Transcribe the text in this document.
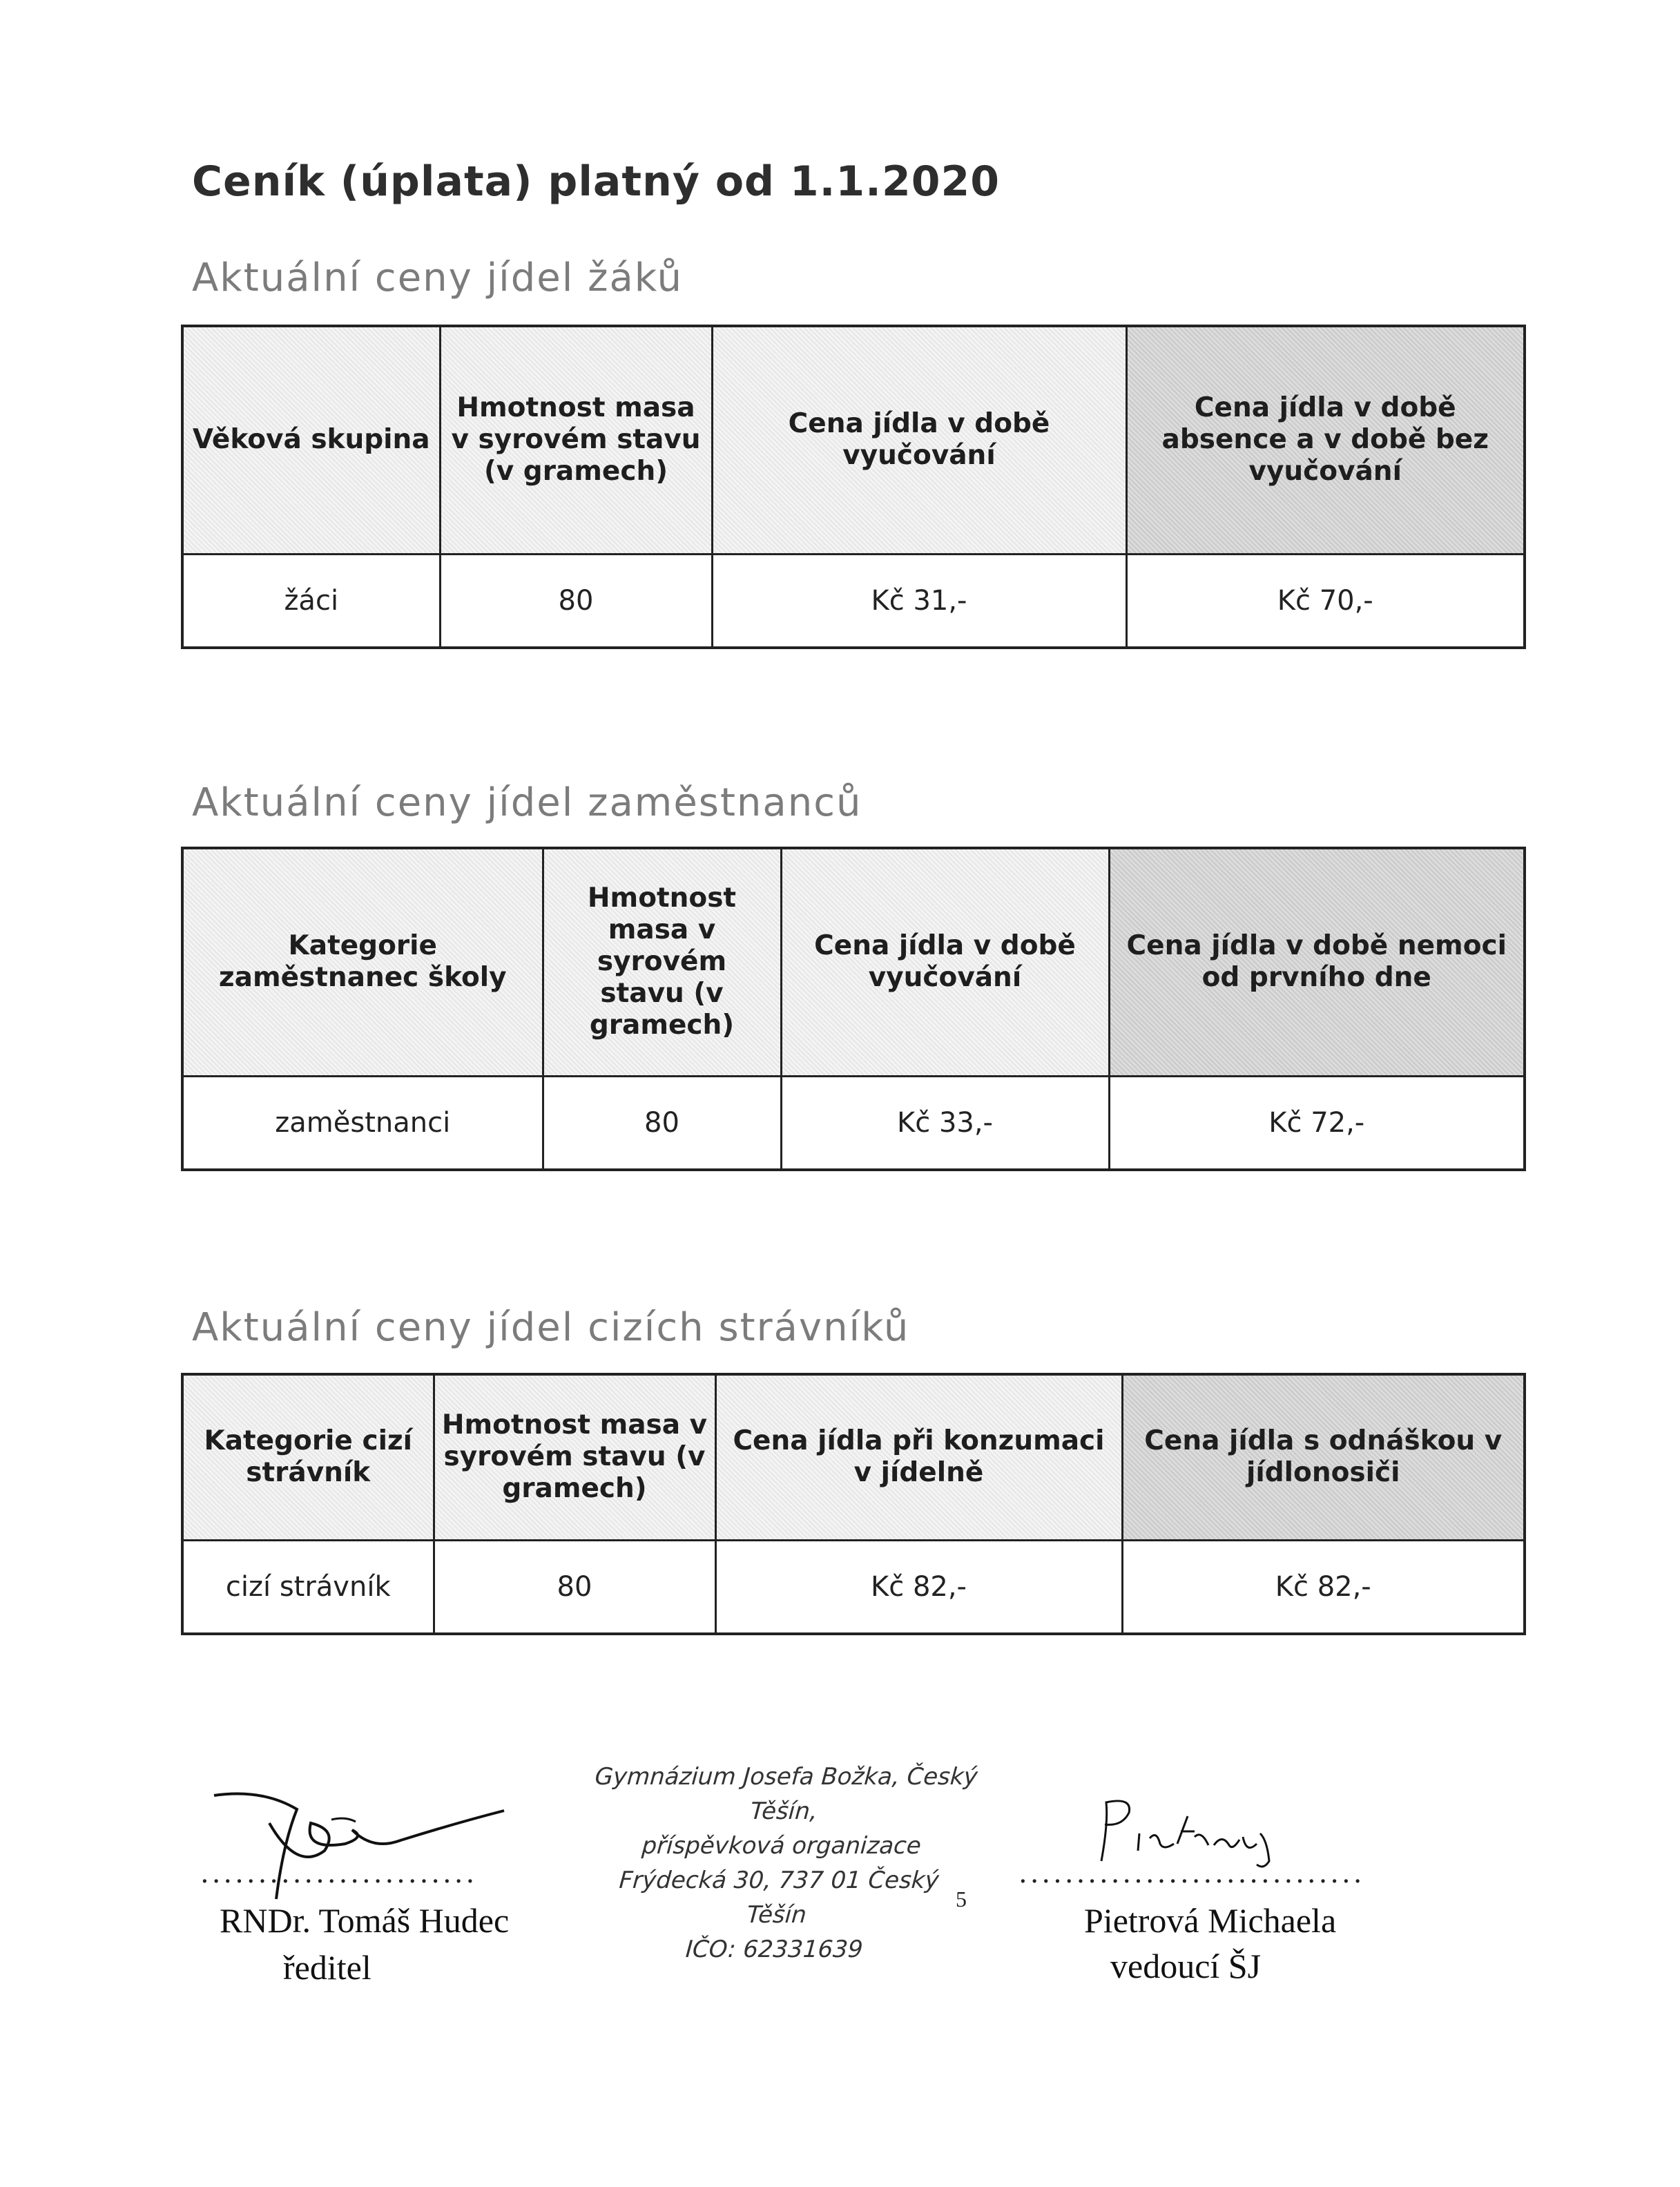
Ceník (úplata) platný od 1.1.2020
Aktuální ceny jídel žáků
Věková skupina	Hmotnost masa v syrovém stavu (v gramech)	Cena jídla v době vyučování	Cena jídla v době absence a v době bez vyučování
žáci	80	Kč 31,-	Kč 70,-
Aktuální ceny jídel zaměstnanců
Kategorie zaměstnanec školy	Hmotnost masa v syrovém stavu (v gramech)	Cena jídla v době vyučování	Cena jídla v době nemoci od prvního dne
zaměstnanci	80	Kč 33,-	Kč 72,-
Aktuální ceny jídel cizích strávníků
Kategorie cizí strávník	Hmotnost masa v syrovém stavu (v gramech)	Cena jídla při konzumaci v jídelně	Cena jídla s odnáškou v jídlonosiči
cizí strávník	80	Kč 82,-	Kč 82,-
........................
RNDr. Tomáš Hudec
ředitel
Gymnázium Josefa Božka, Český Těšín,
příspěvková organizace
Frýdecká 30, 737 01 Český Těšín
IČO: 62331639
5
..............................
Pietrová Michaela
vedoucí ŠJ
